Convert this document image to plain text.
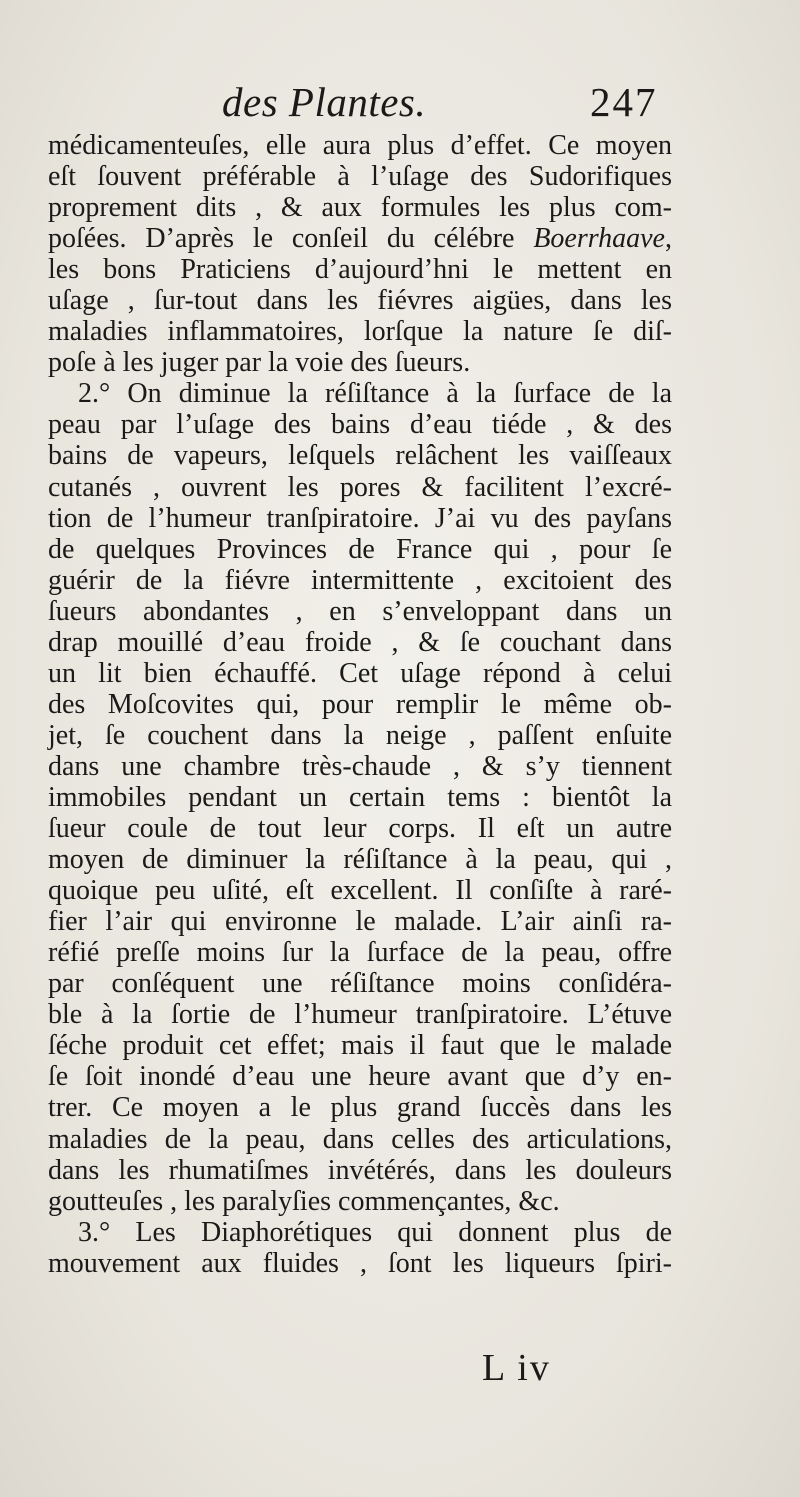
des Plantes.	247
médicamenteuſes, elle aura plus d’effet. Ce moyen
eſt ſouvent préférable à l’uſage des Sudorifiques
proprement dits , & aux formules les plus com-
poſées. D’après le conſeil du célébre Boerrhaave,
les bons Praticiens d’aujourd’hni le mettent en
uſage , ſur-tout dans les fiévres aigües, dans les
maladies inflammatoires, lorſque la nature ſe diſ-
poſe à les juger par la voie des ſueurs.
2.° On diminue la réſiſtance à la ſurface de la
peau par l’uſage des bains d’eau tiéde , & des
bains de vapeurs, leſquels relâchent les vaiſſeaux
cutanés , ouvrent les pores & facilitent l’excré-
tion de l’humeur tranſpiratoire. J’ai vu des payſans
de quelques Provinces de France qui , pour ſe
guérir de la fiévre intermittente , excitoient des
ſueurs abondantes , en s’enveloppant dans un
drap mouillé d’eau froide , & ſe couchant dans
un lit bien échauffé. Cet uſage répond à celui
des Moſcovites qui, pour remplir le même ob-
jet, ſe couchent dans la neige , paſſent enſuite
dans une chambre très-chaude , & s’y tiennent
immobiles pendant un certain tems : bientôt la
ſueur coule de tout leur corps. Il eſt un autre
moyen de diminuer la réſiſtance à la peau, qui ,
quoique peu uſité, eſt excellent. Il conſiſte à raré-
fier l’air qui environne le malade. L’air ainſi ra-
réfié preſſe moins ſur la ſurface de la peau, offre
par conſéquent une réſiſtance moins conſidéra-
ble à la ſortie de l’humeur tranſpiratoire. L’étuve
ſéche produit cet effet; mais il faut que le malade
ſe ſoit inondé d’eau une heure avant que d’y en-
trer. Ce moyen a le plus grand ſuccès dans les
maladies de la peau, dans celles des articulations,
dans les rhumatiſmes invétérés, dans les douleurs
goutteuſes , les paralyſies commençantes, &c.
3.° Les Diaphorétiques qui donnent plus de
mouvement aux fluides , ſont les liqueurs ſpiri-
L iv
